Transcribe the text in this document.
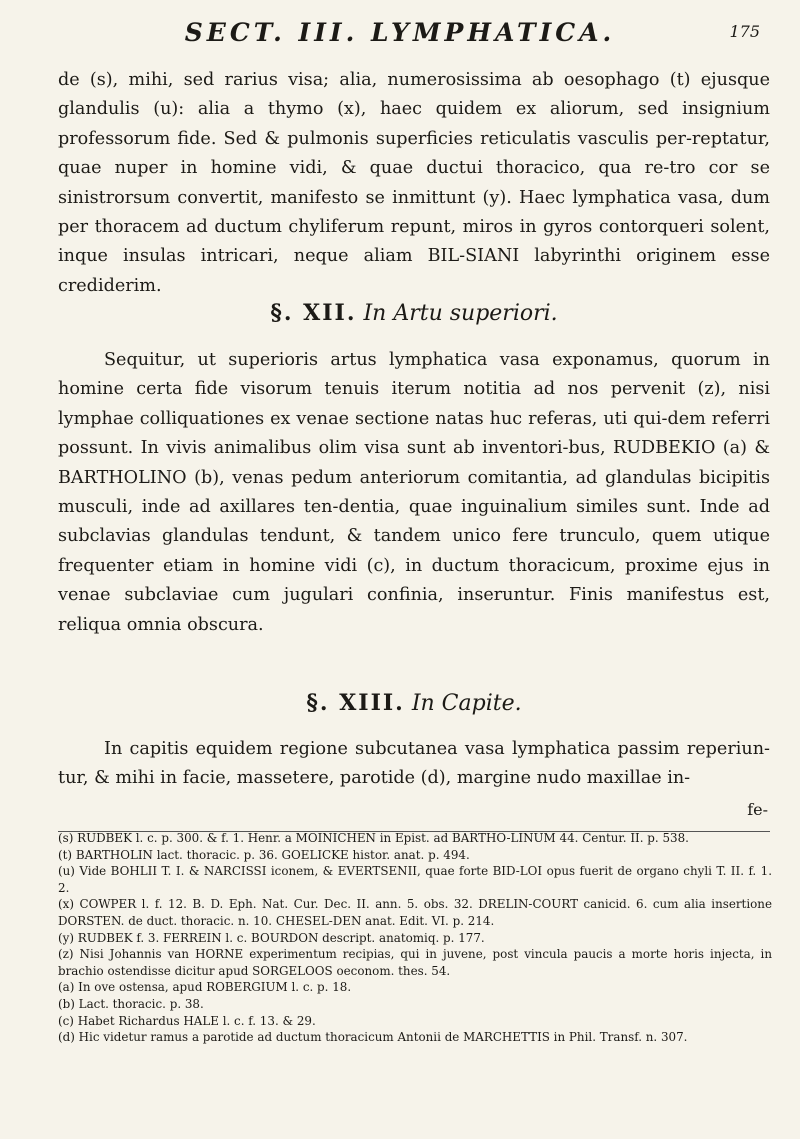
SECT. III. LYMPHATICA.	175

de (s), mihi, sed rarius visa; alia, numerosissima ab oesophago (t) ejusque glandulis (u): alia a thymo (x), haec quidem ex aliorum, sed insignium professorum fide. Sed & pulmonis superficies reticulatis vasculis per-reptatur, quae nuper in homine vidi, & quae ductui thoracico, qua re-tro cor se sinistrorsum convertit, manifesto se inmittunt (y). Haec lymphatica vasa, dum per thoracem ad ductum chyliferum repunt, miros in gyros contorqueri solent, inque insulas intricari, neque aliam BIL-SIANI labyrinthi originem esse crediderim.

§. XII. In Artu superiori.

Sequitur, ut superioris artus lymphatica vasa exponamus, quorum in homine certa fide visorum tenuis iterum notitia ad nos pervenit (z), nisi lymphae colliquationes ex venae sectione natas huc referas, uti qui-dem referri possunt. In vivis animalibus olim visa sunt ab inventori-bus, RUDBEKIO (a) & BARTHOLINO (b), venas pedum anteriorum comitantia, ad glandulas bicipitis musculi, inde ad axillares ten-dentia, quae inguinalium similes sunt. Inde ad subclavias glandulas tendunt, & tandem unico fere trunculo, quem utique frequenter etiam in homine vidi (c), in ductum thoracicum, proxime ejus in venae subclaviae cum jugulari confinia, inseruntur. Finis manifestus est, reliqua omnia obscura.

§. XIII. In Capite.

In capitis equidem regione subcutanea vasa lymphatica passim reperiun-tur, & mihi in facie, massetere, parotide (d), margine nudo maxillae in-

fe-
(s) RUDBEK l. c. p. 300. & f. 1. Henr. a MOINICHEN in Epist. ad BARTHO-LINUM 44. Centur. II. p. 538.
(t) BARTHOLIN lact. thoracic. p. 36. GOELICKE histor. anat. p. 494.
(u) Vide BOHLII T. I. & NARCISSI iconem, & EVERTSENII, quae forte BID-LOI opus fuerit de organo chyli T. II. f. 1. 2.
(x) COWPER l. f. 12. B. D. Eph. Nat. Cur. Dec. II. ann. 5. obs. 32. DRELIN-COURT canicid. 6. cum alia insertione DORSTEN. de duct. thoracic. n. 10. CHESEL-DEN anat. Edit. VI. p. 214.
(y) RUDBEK f. 3. FERREIN l. c. BOURDON descript. anatomiq. p. 177.
(z) Nisi Johannis van HORNE experimentum recipias, qui in juvene, post vincula paucis a morte horis injecta, in brachio ostendisse dicitur apud SORGELOOS oeconom. thes. 54.
(a) In ove ostensa, apud ROBERGIUM l. c. p. 18.
(b) Lact. thoracic. p. 38.
(c) Habet Richardus HALE l. c. f. 13. & 29.
(d) Hic videtur ramus a parotide ad ductum thoracicum Antonii de MARCHETTIS in Phil. Transf. n. 307.
